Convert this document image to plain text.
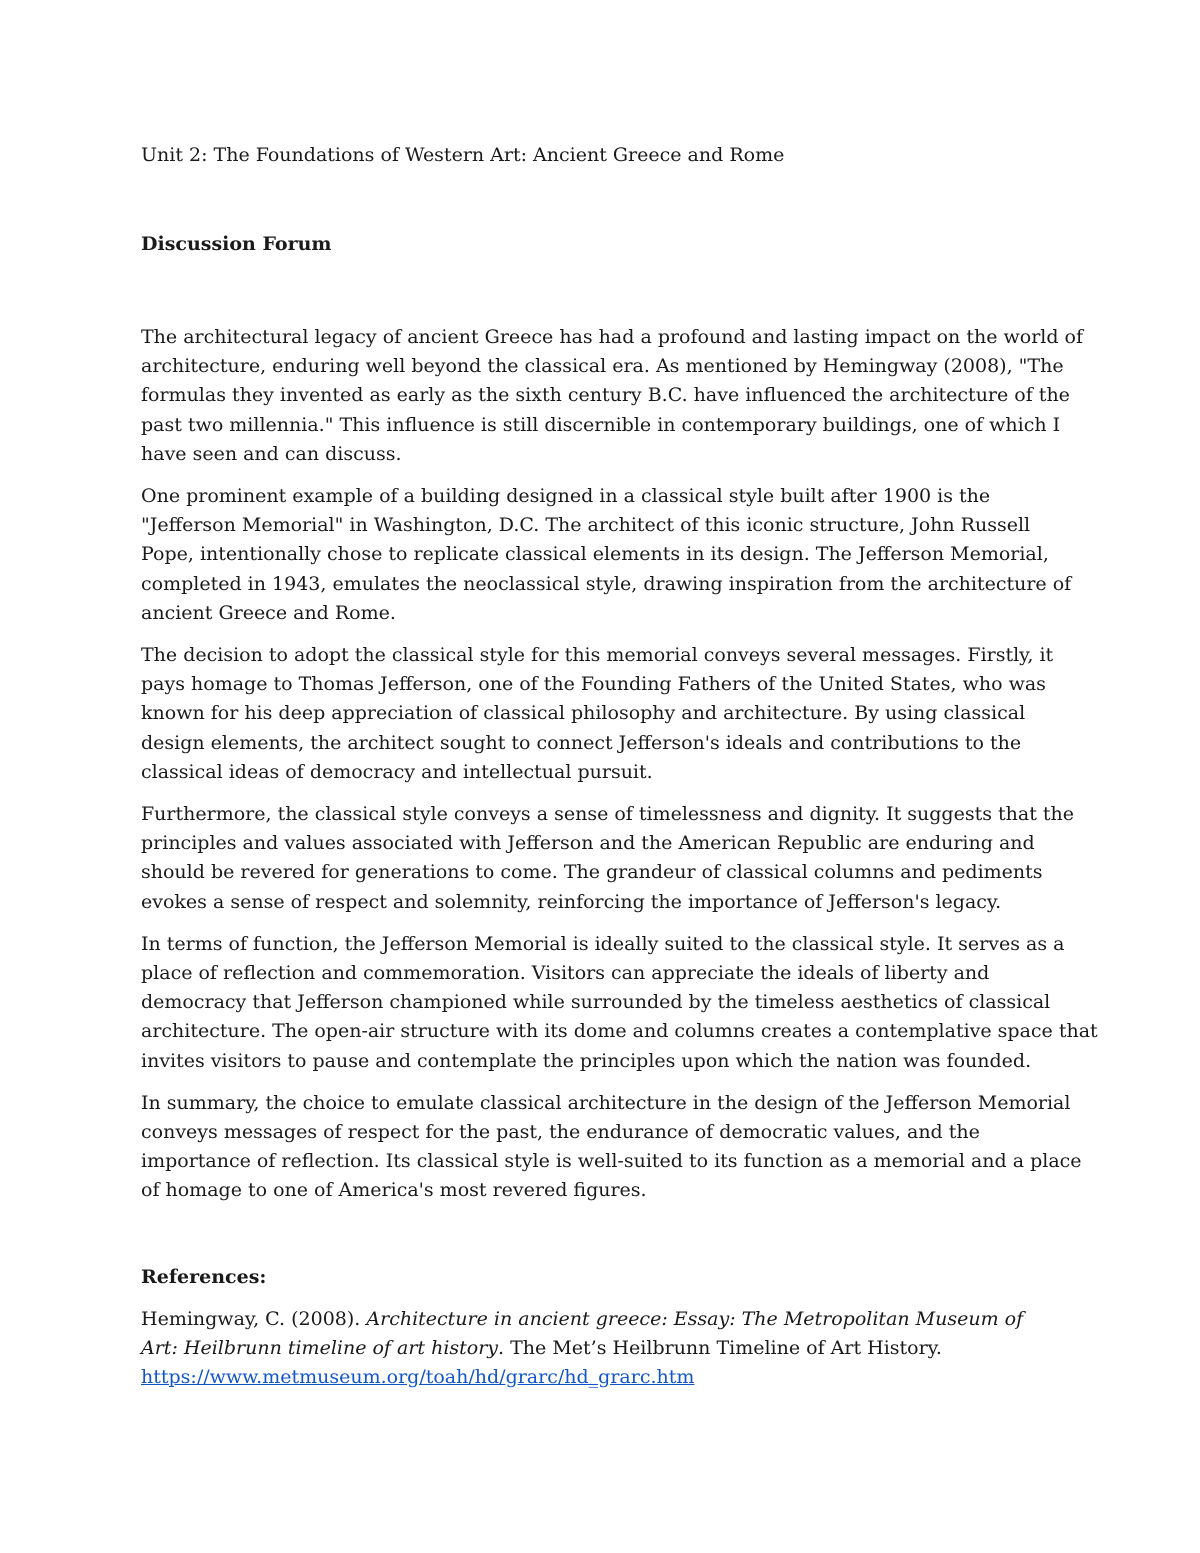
Unit 2: The Foundations of Western Art: Ancient Greece and Rome

Discussion Forum

The architectural legacy of ancient Greece has had a profound and lasting impact on the world of
architecture, enduring well beyond the classical era. As mentioned by Hemingway (2008), "The
formulas they invented as early as the sixth century B.C. have influenced the architecture of the
past two millennia." This influence is still discernible in contemporary buildings, one of which I
have seen and can discuss.

One prominent example of a building designed in a classical style built after 1900 is the
"Jefferson Memorial" in Washington, D.C. The architect of this iconic structure, John Russell
Pope, intentionally chose to replicate classical elements in its design. The Jefferson Memorial,
completed in 1943, emulates the neoclassical style, drawing inspiration from the architecture of
ancient Greece and Rome.

The decision to adopt the classical style for this memorial conveys several messages. Firstly, it
pays homage to Thomas Jefferson, one of the Founding Fathers of the United States, who was
known for his deep appreciation of classical philosophy and architecture. By using classical
design elements, the architect sought to connect Jefferson's ideals and contributions to the
classical ideas of democracy and intellectual pursuit.

Furthermore, the classical style conveys a sense of timelessness and dignity. It suggests that the
principles and values associated with Jefferson and the American Republic are enduring and
should be revered for generations to come. The grandeur of classical columns and pediments
evokes a sense of respect and solemnity, reinforcing the importance of Jefferson's legacy.

In terms of function, the Jefferson Memorial is ideally suited to the classical style. It serves as a
place of reflection and commemoration. Visitors can appreciate the ideals of liberty and
democracy that Jefferson championed while surrounded by the timeless aesthetics of classical
architecture. The open-air structure with its dome and columns creates a contemplative space that
invites visitors to pause and contemplate the principles upon which the nation was founded.

In summary, the choice to emulate classical architecture in the design of the Jefferson Memorial
conveys messages of respect for the past, the endurance of democratic values, and the
importance of reflection. Its classical style is well-suited to its function as a memorial and a place
of homage to one of America's most revered figures.

References:

Hemingway, C. (2008). Architecture in ancient greece: Essay: The Metropolitan Museum of
Art: Heilbrunn timeline of art history. The Met’s Heilbrunn Timeline of Art History.
https://www.metmuseum.org/toah/hd/grarc/hd_grarc.htm
